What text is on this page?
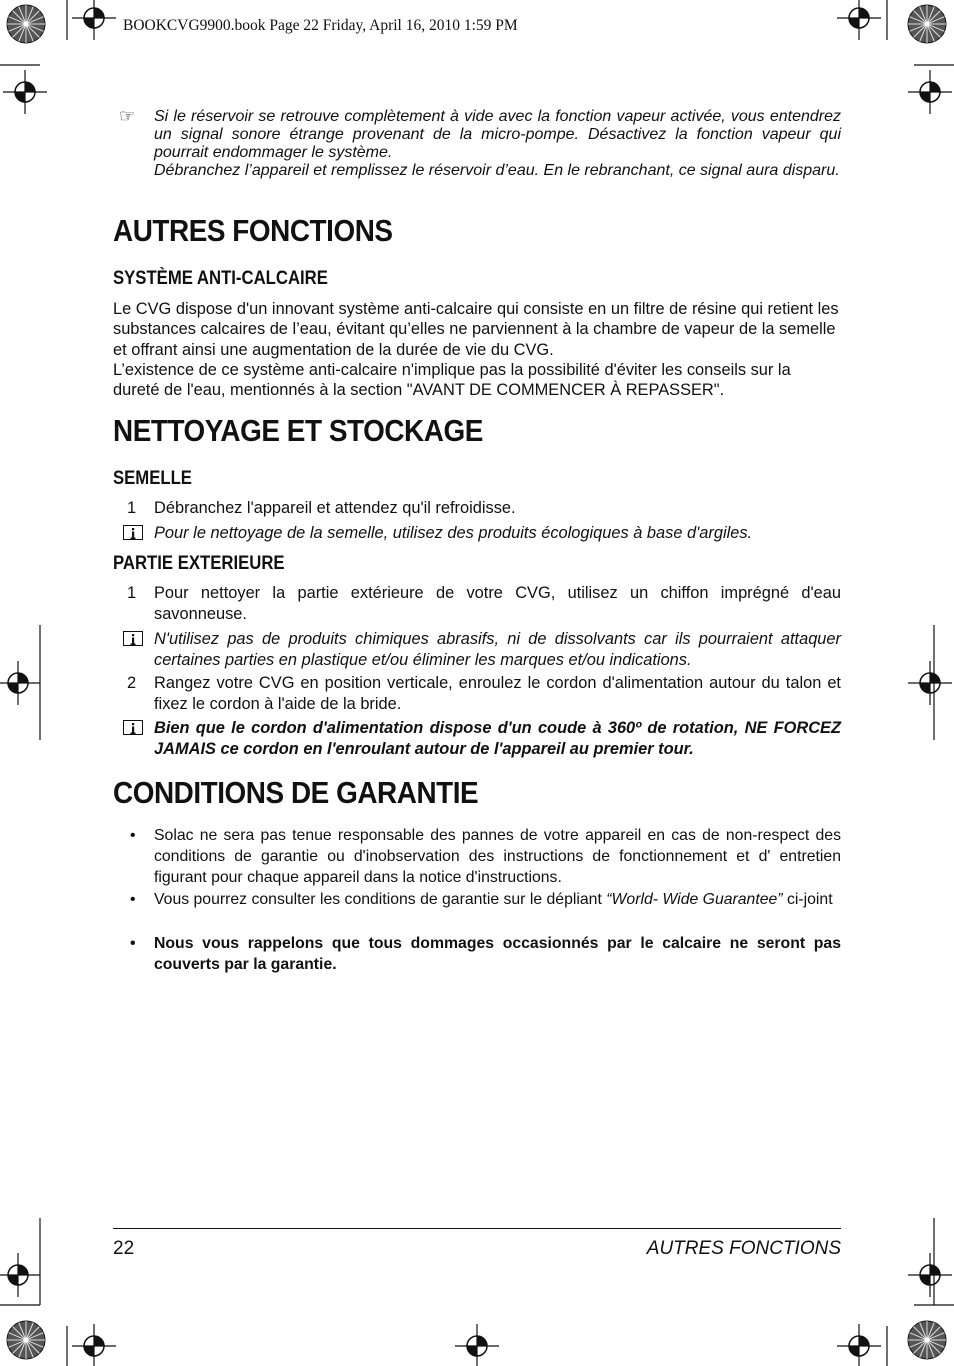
BOOKCVG9900.book Page 22 Friday, April 16, 2010 1:59 PM
☞ Si le réservoir se retrouve complètement à vide avec la fonction vapeur activée, vous entendrez un signal sonore étrange provenant de la micro-pompe. Désactivez la fonction vapeur qui pourrait endommager le système.

Débranchez l’appareil et remplissez le réservoir d’eau. En le rebranchant, ce signal aura disparu.

AUTRES FONCTIONS
SYSTÈME ANTI-CALCAIRE

Le CVG dispose d'un innovant système anti-calcaire qui consiste en un filtre de résine qui retient les substances calcaires de l’eau, évitant qu’elles ne parviennent à la chambre de vapeur de la semelle et offrant ainsi une augmentation de la durée de vie du CVG.

L’existence de ce système anti-calcaire n'implique pas la possibilité d'éviter les conseils sur la dureté de l'eau, mentionnés à la section "AVANT DE COMMENCER À REPASSER".

NETTOYAGE ET STOCKAGE
SEMELLE
1 Débranchez l'appareil et attendez qu'il refroidisse.
Pour le nettoyage de la semelle, utilisez des produits écologiques à base d'argiles.
PARTIE EXTERIEURE
1 Pour nettoyer la partie extérieure de votre CVG, utilisez un chiffon imprégné d'eau savonneuse.
N'utilisez pas de produits chimiques abrasifs, ni de dissolvants car ils pourraient attaquer certaines parties en plastique et/ou éliminer les marques et/ou indications.
2 Rangez votre CVG en position verticale, enroulez le cordon d'alimentation autour du talon et fixez le cordon à l'aide de la bride.
Bien que le cordon d'alimentation dispose d'un coude à 360º de rotation, NE FORCEZ JAMAIS ce cordon en l'enroulant autour de l'appareil au premier tour.
CONDITIONS DE GARANTIE
• Solac ne sera pas tenue responsable des pannes de votre appareil en cas de non-respect des conditions de garantie ou d'inobservation des instructions de fonctionnement et d' entretien figurant pour chaque appareil dans la notice d'instructions.
• Vous pourrez consulter les conditions de garantie sur le dépliant “World- Wide Guarantee” ci-joint
• Nous vous rappelons que tous dommages occasionnés par le calcaire ne seront pas couverts par la garantie.
22	AUTRES FONCTIONS
